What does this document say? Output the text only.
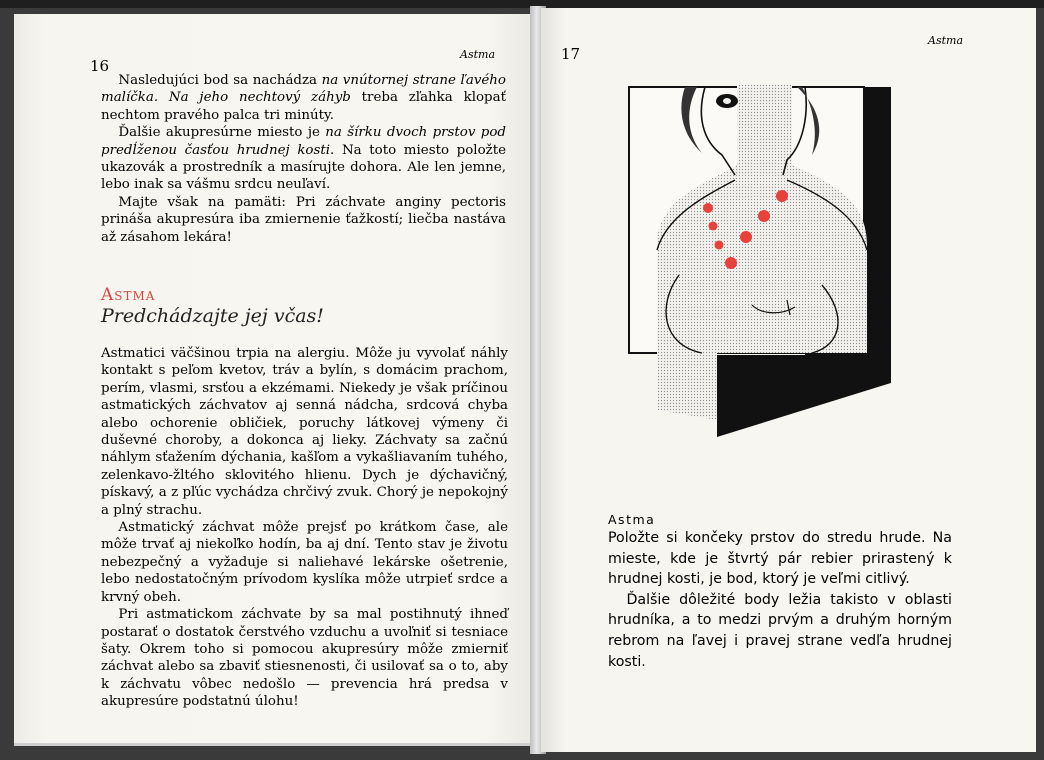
16
Astma

Nasledujúci bod sa nachádza na vnútornej strane ľavého malíčka. Na jeho nechtový záhyb treba zľahka klopať nechtom pravého palca tri minúty.

Ďalšie akupresúrne miesto je na šírku dvoch prstov pod predĺženou časťou hrudnej kosti. Na toto miesto položte ukazovák a prostredník a masírujte dohora. Ale len jemne, lebo inak sa vášmu srdcu neuľaví.

Majte však na pamäti: Pri záchvate anginy pectoris prináša akupresúra iba zmiernenie ťažkostí; liečba nastáva až zásahom lekára!

Astma
Predchádzajte jej včas!

Astmatici väčšinou trpia na alergiu. Môže ju vyvolať náhly kontakt s peľom kvetov, tráv a bylín, s domácim prachom, perím, vlasmi, srsťou a ekzémami. Niekedy je však príčinou astmatických záchvatov aj senná nádcha, srdcová chyba alebo ochorenie obličiek, poruchy látkovej výmeny či duševné choroby, a dokonca aj lieky. Záchvaty sa začnú náhlym sťažením dýchania, kašľom a vykašliavaním tuhého, zelenkavo-žltého sklovitého hlienu. Dych je dýchavičný, pískavý, a z pľúc vychádza chrčivý zvuk. Chorý je nepokojný a plný strachu.

Astmatický záchvat môže prejsť po krátkom čase, ale môže trvať aj niekoľko hodín, ba aj dní. Tento stav je životu nebezpečný a vyžaduje si naliehavé lekárske ošetrenie, lebo nedostatočným prívodom kyslíka môže utrpieť srdce a krvný obeh.

Pri astmatickom záchvate by sa mal postihnutý ihneď postarať o dostatok čerstvého vzduchu a uvoľniť si tesniace šaty. Okrem toho si pomocou akupresúry môže zmierniť záchvat alebo sa zbaviť stiesnenosti, či usilovať sa o to, aby k záchvatu vôbec nedošlo — prevencia hrá predsa v akupresúre podstatnú úlohu!

17
Astma
Astma

Položte si končeky prstov do stredu hrude. Na mieste, kde je štvrtý pár rebier prirastený k hrudnej kosti, je bod, ktorý je veľmi citlivý.

Ďalšie dôležité body ležia takisto v oblasti hrudníka, a to medzi prvým a druhým horným rebrom na ľavej i pravej strane vedľa hrudnej kosti.
